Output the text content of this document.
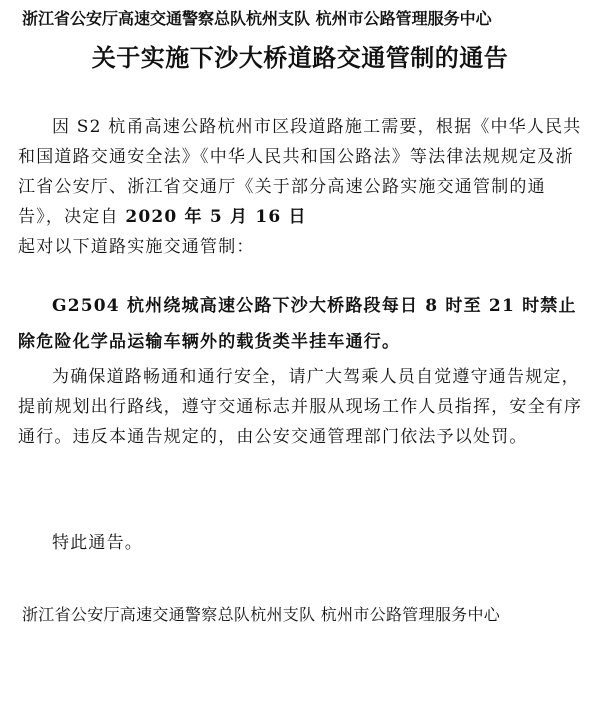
浙江省公安厅高速交通警察总队杭州支队 杭州市公路管理服务中心
关于实施下沙大桥道路交通管制的通告
因 S2 杭甬高速公路杭州市区段道路施工需要，根据《中华人民共和国道路交通安全法》《中华人民共和国公路法》等法律法规规定及浙江省公安厅、浙江省交通厅《关于部分高速公路实施交通管制的通告》，决定自 2020 年 5 月 16 日
起对以下道路实施交通管制：
G2504 杭州绕城高速公路下沙大桥路段每日 8 时至 21 时禁止除危险化学品运输车辆外的载货类半挂车通行。
为确保道路畅通和通行安全，请广大驾乘人员自觉遵守通告规定，提前规划出行路线，遵守交通标志并服从现场工作人员指挥，安全有序通行。违反本通告规定的，由公安交通管理部门依法予以处罚。
特此通告。
浙江省公安厅高速交通警察总队杭州支队 杭州市公路管理服务中心
